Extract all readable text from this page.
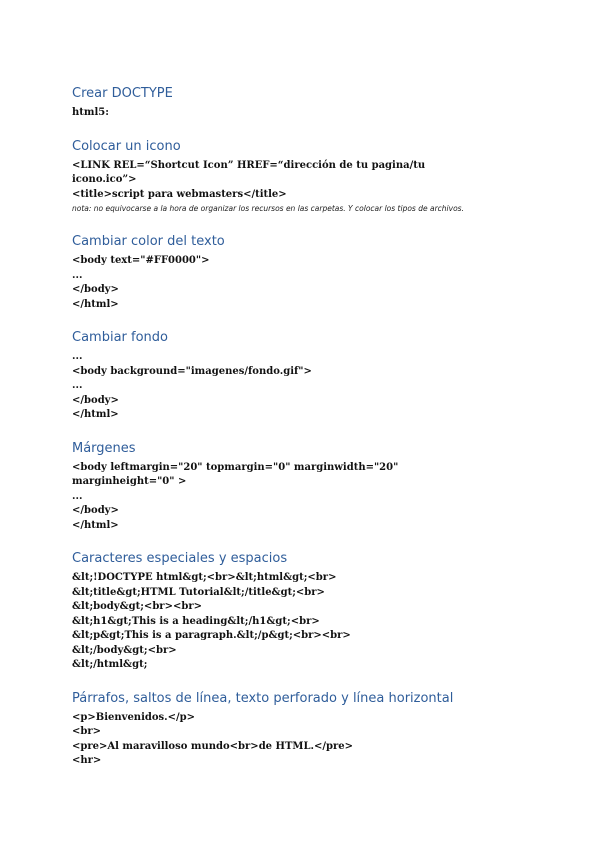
Crear DOCTYPE

html5:

Colocar un icono

<LINK REL=“Shortcut Icon” HREF=“dirección de tu pagina/tu

icono.ico”>

<title>script para webmasters</title>

nota: no equivocarse a la hora de organizar los recursos en las carpetas. Y colocar los tipos de archivos.

Cambiar color del texto

<body text="#FF0000">

...

</body>

</html>

Cambiar fondo

...

<body background="imagenes/fondo.gif">

...

</body>

</html>

Márgenes

<body leftmargin="20" topmargin="0" marginwidth="20"

marginheight="0" >

...

</body>

</html>

Caracteres especiales y espacios

&lt;!DOCTYPE html&gt;<br>&lt;html&gt;<br>

&lt;title&gt;HTML Tutorial&lt;/title&gt;<br>

&lt;body&gt;<br><br>

&lt;h1&gt;This is a heading&lt;/h1&gt;<br>

&lt;p&gt;This is a paragraph.&lt;/p&gt;<br><br>

&lt;/body&gt;<br>

&lt;/html&gt;

Párrafos, saltos de línea, texto perforado y línea horizontal

<p>Bienvenidos.</p>

<br>

<pre>Al maravilloso mundo<br>de HTML.</pre>

<hr>
